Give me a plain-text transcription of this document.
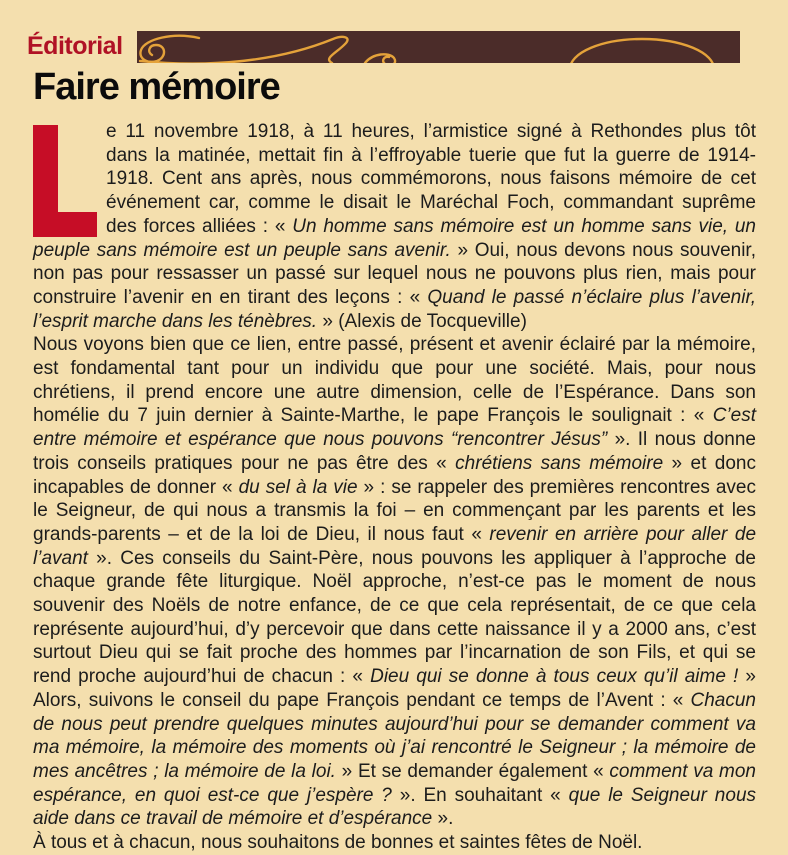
Éditorial
Faire mémoire

e 11 novembre 1918, à 11 heures, l’armistice signé à Rethondes plus tôt dans la matinée, mettait fin à l’effroyable tuerie que fut la guerre de 1914-1918. Cent ans après, nous commémorons, nous faisons mémoire de cet événement car, comme le disait le Maréchal Foch, commandant suprême des forces alliées : « Un homme sans mémoire est un homme sans vie, un peuple sans mémoire est un peuple sans avenir. » Oui, nous devons nous souvenir, non pas pour ressasser un passé sur lequel nous ne pouvons plus rien, mais pour construire l’avenir en en tirant des leçons : « Quand le passé n’éclaire plus l’avenir, l’esprit marche dans les ténèbres. » (Alexis de Tocqueville)

Nous voyons bien que ce lien, entre passé, présent et avenir éclairé par la mémoire, est fondamental tant pour un individu que pour une société. Mais, pour nous chrétiens, il prend encore une autre dimension, celle de l’Espérance. Dans son homélie du 7 juin dernier à Sainte-Marthe, le pape François le soulignait : « C’est entre mémoire et espérance que nous pouvons “rencontrer Jésus” ». Il nous donne trois conseils pratiques pour ne pas être des « chrétiens sans mémoire » et donc incapables de donner « du sel à la vie » : se rappeler des premières rencontres avec le Seigneur, de qui nous a transmis la foi – en commençant par les parents et les grands-parents – et de la loi de Dieu, il nous faut « revenir en arrière pour aller de l’avant ». Ces conseils du Saint-Père, nous pouvons les appliquer à l’approche de chaque grande fête liturgique. Noël approche, n’est-ce pas le moment de nous souvenir des Noëls de notre enfance, de ce que cela représentait, de ce que cela représente aujourd’hui, d’y percevoir que dans cette naissance il y a 2000 ans, c’est surtout Dieu qui se fait proche des hommes par l’incarnation de son Fils, et qui se rend proche aujourd’hui de chacun : « Dieu qui se donne à tous ceux qu’il aime ! » Alors, suivons le conseil du pape François pendant ce temps de l’Avent : « Chacun de nous peut prendre quelques minutes aujourd’hui pour se demander comment va ma mémoire, la mémoire des moments où j’ai rencontré le Seigneur ; la mémoire de mes ancêtres ; la mémoire de la loi. » Et se demander également « comment va mon espérance, en quoi est-ce que j’espère ? ». En souhaitant « que le Seigneur nous aide dans ce travail de mémoire et d’espérance ».

À tous et à chacun, nous souhaitons de bonnes et saintes fêtes de Noël.
